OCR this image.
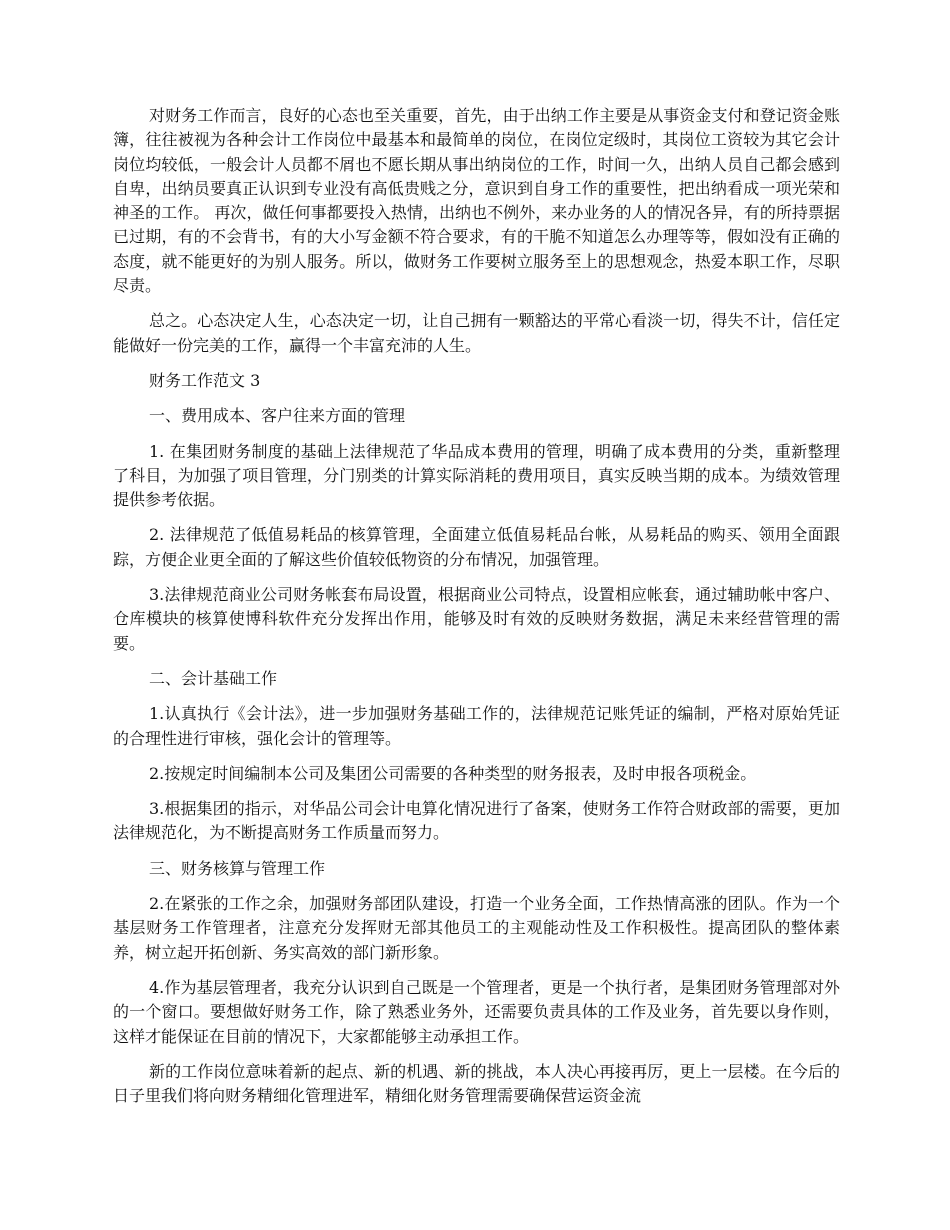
对财务工作而言，良好的心态也至关重要，首先，由于出纳工作主要是从事资金支付和登记资金账簿，往往被视为各种会计工作岗位中最基本和最简单的岗位，在岗位定级时，其岗位工资较为其它会计岗位均较低，一般会计人员都不屑也不愿长期从事出纳岗位的工作，时间一久，出纳人员自己都会感到自卑，出纳员要真正认识到专业没有高低贵贱之分，意识到自身工作的重要性，把出纳看成一项光荣和神圣的工作。 再次，做任何事都要投入热情，出纳也不例外，来办业务的人的情况各异，有的所持票据已过期，有的不会背书，有的大小写金额不符合要求，有的干脆不知道怎么办理等等，假如没有正确的态度，就不能更好的为别人服务。所以，做财务工作要树立服务至上的思想观念，热爱本职工作，尽职尽责。

总之。心态决定人生，心态决定一切，让自己拥有一颗豁达的平常心看淡一切，得失不计，信任定能做好一份完美的工作，赢得一个丰富充沛的人生。

财务工作范文 3

一、费用成本、客户往来方面的管理

1. 在集团财务制度的基础上法律规范了华品成本费用的管理，明确了成本费用的分类，重新整理了科目，为加强了项目管理，分门别类的计算实际消耗的费用项目，真实反映当期的成本。为绩效管理提供参考依据。

2. 法律规范了低值易耗品的核算管理，全面建立低值易耗品台帐，从易耗品的购买、领用全面跟踪，方便企业更全面的了解这些价值较低物资的分布情况，加强管理。

3.法律规范商业公司财务帐套布局设置，根据商业公司特点，设置相应帐套，通过辅助帐中客户、仓库模块的核算使博科软件充分发挥出作用，能够及时有效的反映财务数据，满足未来经营管理的需要。

二、会计基础工作

1.认真执行《会计法》，进一步加强财务基础工作的，法律规范记账凭证的编制，严格对原始凭证的合理性进行审核，强化会计的管理等。

2.按规定时间编制本公司及集团公司需要的各种类型的财务报表，及时申报各项税金。

3.根据集团的指示，对华品公司会计电算化情况进行了备案，使财务工作符合财政部的需要，更加法律规范化，为不断提高财务工作质量而努力。

三、财务核算与管理工作

2.在紧张的工作之余，加强财务部团队建设，打造一个业务全面，工作热情高涨的团队。作为一个基层财务工作管理者，注意充分发挥财无部其他员工的主观能动性及工作积极性。提高团队的整体素养，树立起开拓创新、务实高效的部门新形象。

4.作为基层管理者，我充分认识到自己既是一个管理者，更是一个执行者，是集团财务管理部对外的一个窗口。要想做好财务工作，除了熟悉业务外，还需要负责具体的工作及业务，首先要以身作则，这样才能保证在目前的情况下，大家都能够主动承担工作。

新的工作岗位意味着新的起点、新的机遇、新的挑战，本人决心再接再厉，更上一层楼。在今后的日子里我们将向财务精细化管理进军，精细化财务管理需要确保营运资金流
